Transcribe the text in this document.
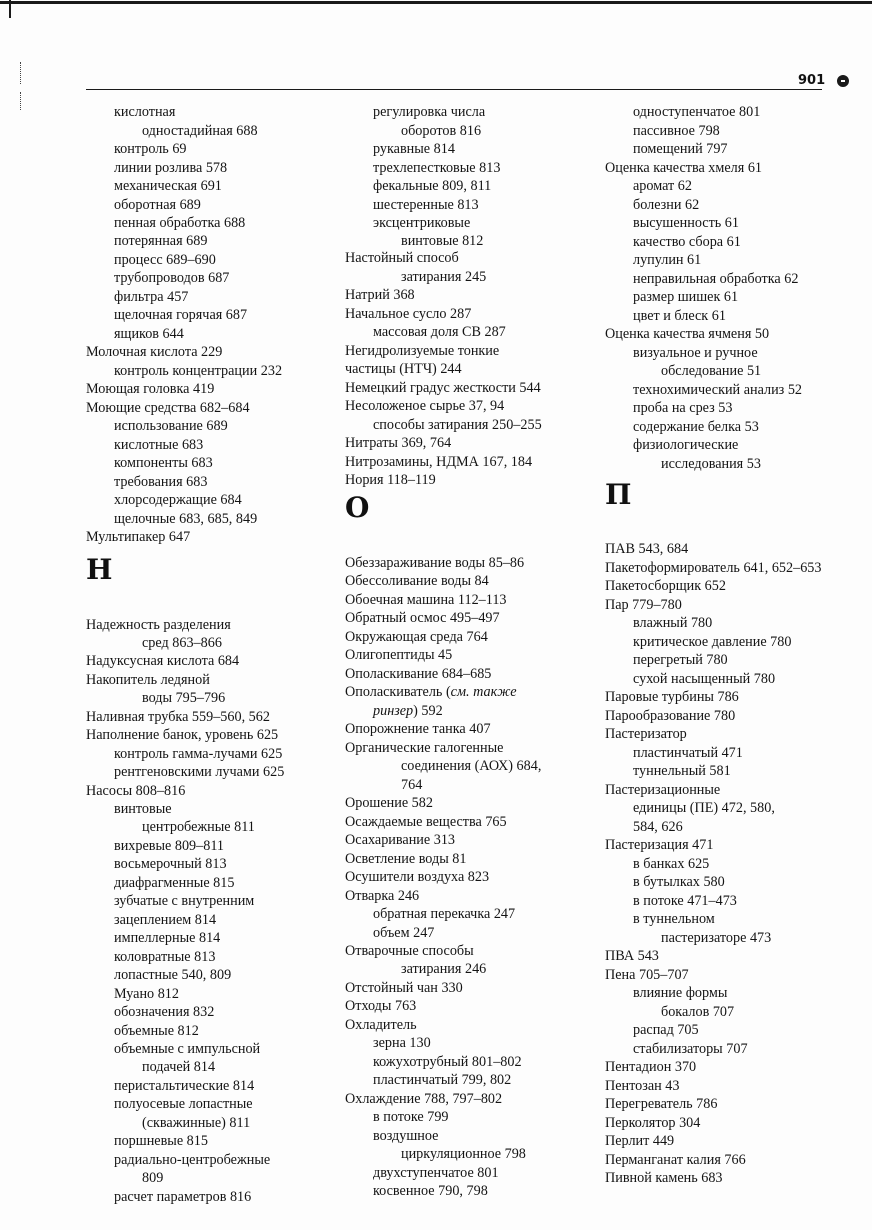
901
кислотная
одностадийная 688
контроль 69
линии розлива 578
механическая 691
оборотная 689
пенная обработка 688
потерянная 689
процесс 689–690
трубопроводов 687
фильтра 457
щелочная горячая 687
ящиков 644
Молочная кислота 229
контроль концентрации 232
Моющая головка 419
Моющие средства 682–684
использование 689
кислотные 683
компоненты 683
требования 683
хлорсодержащие 684
щелочные 683, 685, 849
Мультипакер 647
Н
Надежность разделения
сред 863–866
Надуксусная кислота 684
Накопитель ледяной
воды 795–796
Наливная трубка 559–560, 562
Наполнение банок, уровень 625
контроль гамма-лучами 625
рентгеновскими лучами 625
Насосы 808–816
винтовые
центробежные 811
вихревые 809–811
восьмерочный 813
диафрагменные 815
зубчатые с внутренним
зацеплением 814
импеллерные 814
коловратные 813
лопастные 540, 809
Муано 812
обозначения 832
объемные 812
объемные с импульсной
подачей 814
перистальтические 814
полуосевые лопастные
(скважинные) 811
поршневые 815
радиально-центробежные
809
расчет параметров 816
регулировка числа
оборотов 816
рукавные 814
трехлепестковые 813
фекальные 809, 811
шестеренные 813
эксцентриковые
винтовые 812
Настойный способ
затирания 245
Натрий 368
Начальное сусло 287
массовая доля СВ 287
Негидролизуемые тонкие
частицы (НТЧ) 244
Немецкий градус жесткости 544
Несоложеное сырье 37, 94
способы затирания 250–255
Нитраты 369, 764
Нитрозамины, НДМА 167, 184
Нория 118–119
О
Обеззараживание воды 85–86
Обессоливание воды 84
Обоечная машина 112–113
Обратный осмос 495–497
Окружающая среда 764
Олигопептиды 45
Ополаскивание 684–685
Ополаскиватель (см. также
ринзер) 592
Опорожнение танка 407
Органические галогенные
соединения (АОХ) 684,
764
Орошение 582
Осаждаемые вещества 765
Осахаривание 313
Осветление воды 81
Осушители воздуха 823
Отварка 246
обратная перекачка 247
объем 247
Отварочные способы
затирания 246
Отстойный чан 330
Отходы 763
Охладитель
зерна 130
кожухотрубный 801–802
пластинчатый 799, 802
Охлаждение 788, 797–802
в потоке 799
воздушное
циркуляционное 798
двухступенчатое 801
косвенное 790, 798
одноступенчатое 801
пассивное 798
помещений 797
Оценка качества хмеля 61
аромат 62
болезни 62
высушенность 61
качество сбора 61
лупулин 61
неправильная обработка 62
размер шишек 61
цвет и блеск 61
Оценка качества ячменя 50
визуальное и ручное
обследование 51
технохимический анализ 52
проба на срез 53
содержание белка 53
физиологические
исследования 53
П
ПАВ 543, 684
Пакетоформирователь 641, 652–653
Пакетосборщик 652
Пар 779–780
влажный 780
критическое давление 780
перегретый 780
сухой насыщенный 780
Паровые турбины 786
Парообразование 780
Пастеризатор
пластинчатый 471
туннельный 581
Пастеризационные
единицы (ПЕ) 472, 580,
584, 626
Пастеризация 471
в банках 625
в бутылках 580
в потоке 471–473
в туннельном
пастеризаторе 473
ПВА 543
Пена 705–707
влияние формы
бокалов 707
распад 705
стабилизаторы 707
Пентадион 370
Пентозан 43
Перегреватель 786
Перколятор 304
Перлит 449
Перманганат калия 766
Пивной камень 683
